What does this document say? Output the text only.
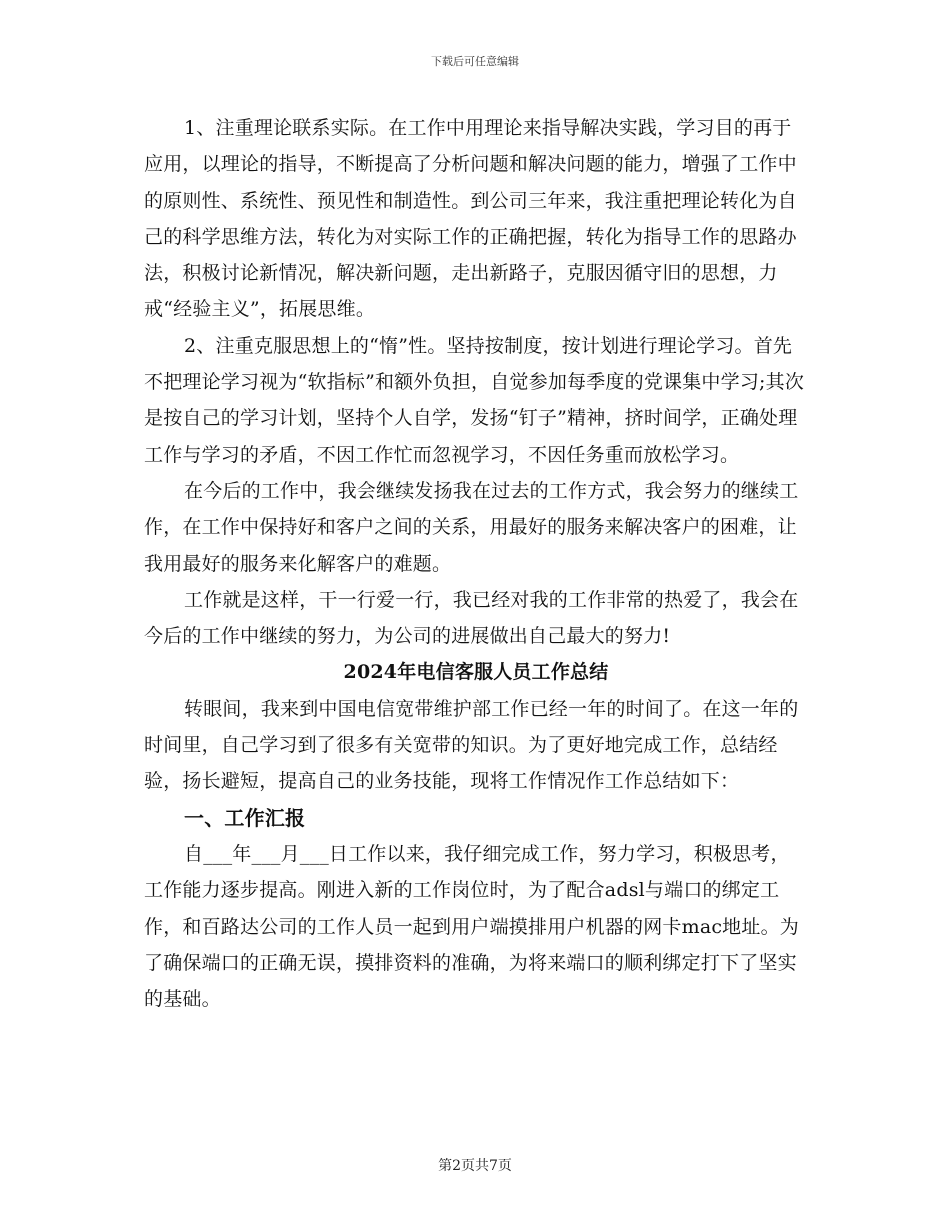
下载后可任意编辑

1、注重理论联系实际。在工作中用理论来指导解决实践，学习目的再于应用，以理论的指导，不断提高了分析问题和解决问题的能力，增强了工作中的原则性、系统性、预见性和制造性。到公司三年来，我注重把理论转化为自己的科学思维方法，转化为对实际工作的正确把握，转化为指导工作的思路办法，积极讨论新情况，解决新问题，走出新路子，克服因循守旧的思想，力戒“经验主义”，拓展思维。

2、注重克服思想上的“惰”性。坚持按制度，按计划进行理论学习。首先不把理论学习视为“软指标”和额外负担，自觉参加每季度的党课集中学习;其次是按自己的学习计划，坚持个人自学，发扬“钉子”精神，挤时间学，正确处理工作与学习的矛盾，不因工作忙而忽视学习，不因任务重而放松学习。

在今后的工作中，我会继续发扬我在过去的工作方式，我会努力的继续工作，在工作中保持好和客户之间的关系，用最好的服务来解决客户的困难，让我用最好的服务来化解客户的难题。

工作就是这样，干一行爱一行，我已经对我的工作非常的热爱了，我会在今后的工作中继续的努力，为公司的进展做出自己最大的努力!

2024年电信客服人员工作总结

转眼间，我来到中国电信宽带维护部工作已经一年的时间了。在这一年的时间里，自己学习到了很多有关宽带的知识。为了更好地完成工作，总结经验，扬长避短，提高自己的业务技能，现将工作情况作工作总结如下：

一、工作汇报

自___年___月___日工作以来，我仔细完成工作，努力学习，积极思考，工作能力逐步提高。刚进入新的工作岗位时，为了配合adsl与端口的绑定工作，和百路达公司的工作人员一起到用户端摸排用户机器的网卡mac地址。为了确保端口的正确无误，摸排资料的准确，为将来端口的顺利绑定打下了坚实的基础。

第2页共7页
